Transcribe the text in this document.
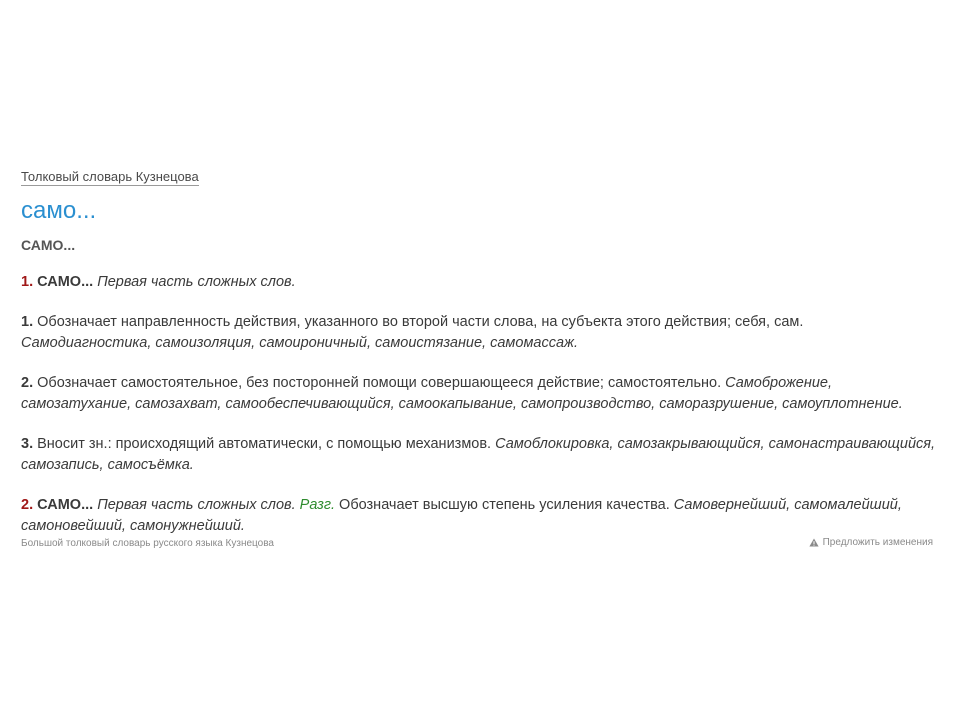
Толковый словарь Кузнецова
само...
САМО...
1. САМО... Первая часть сложных слов.
1. Обозначает направленность действия, указанного во второй части слова, на субъекта этого действия; себя, сам. Самодиагностика, самоизоляция, самоироничный, самоистязание, самомассаж.
2. Обозначает самостоятельное, без посторонней помощи совершающееся действие; самостоятельно. Самоброжение, самозатухание, самозахват, самообеспечивающийся, самоокапывание, самопроизводство, саморазрушение, самоуплотнение.
3. Вносит зн.: происходящий автоматически, с помощью механизмов. Самоблокировка, самозакрывающийся, самонастраивающийся, самозапись, самосъёмка.
2. САМО... Первая часть сложных слов. Разг. Обозначает высшую степень усиления качества. Самовернейший, самомалейший, самоновейший, самонужнейший.
Большой толковый словарь русского языка Кузнецова	Предложить изменения
